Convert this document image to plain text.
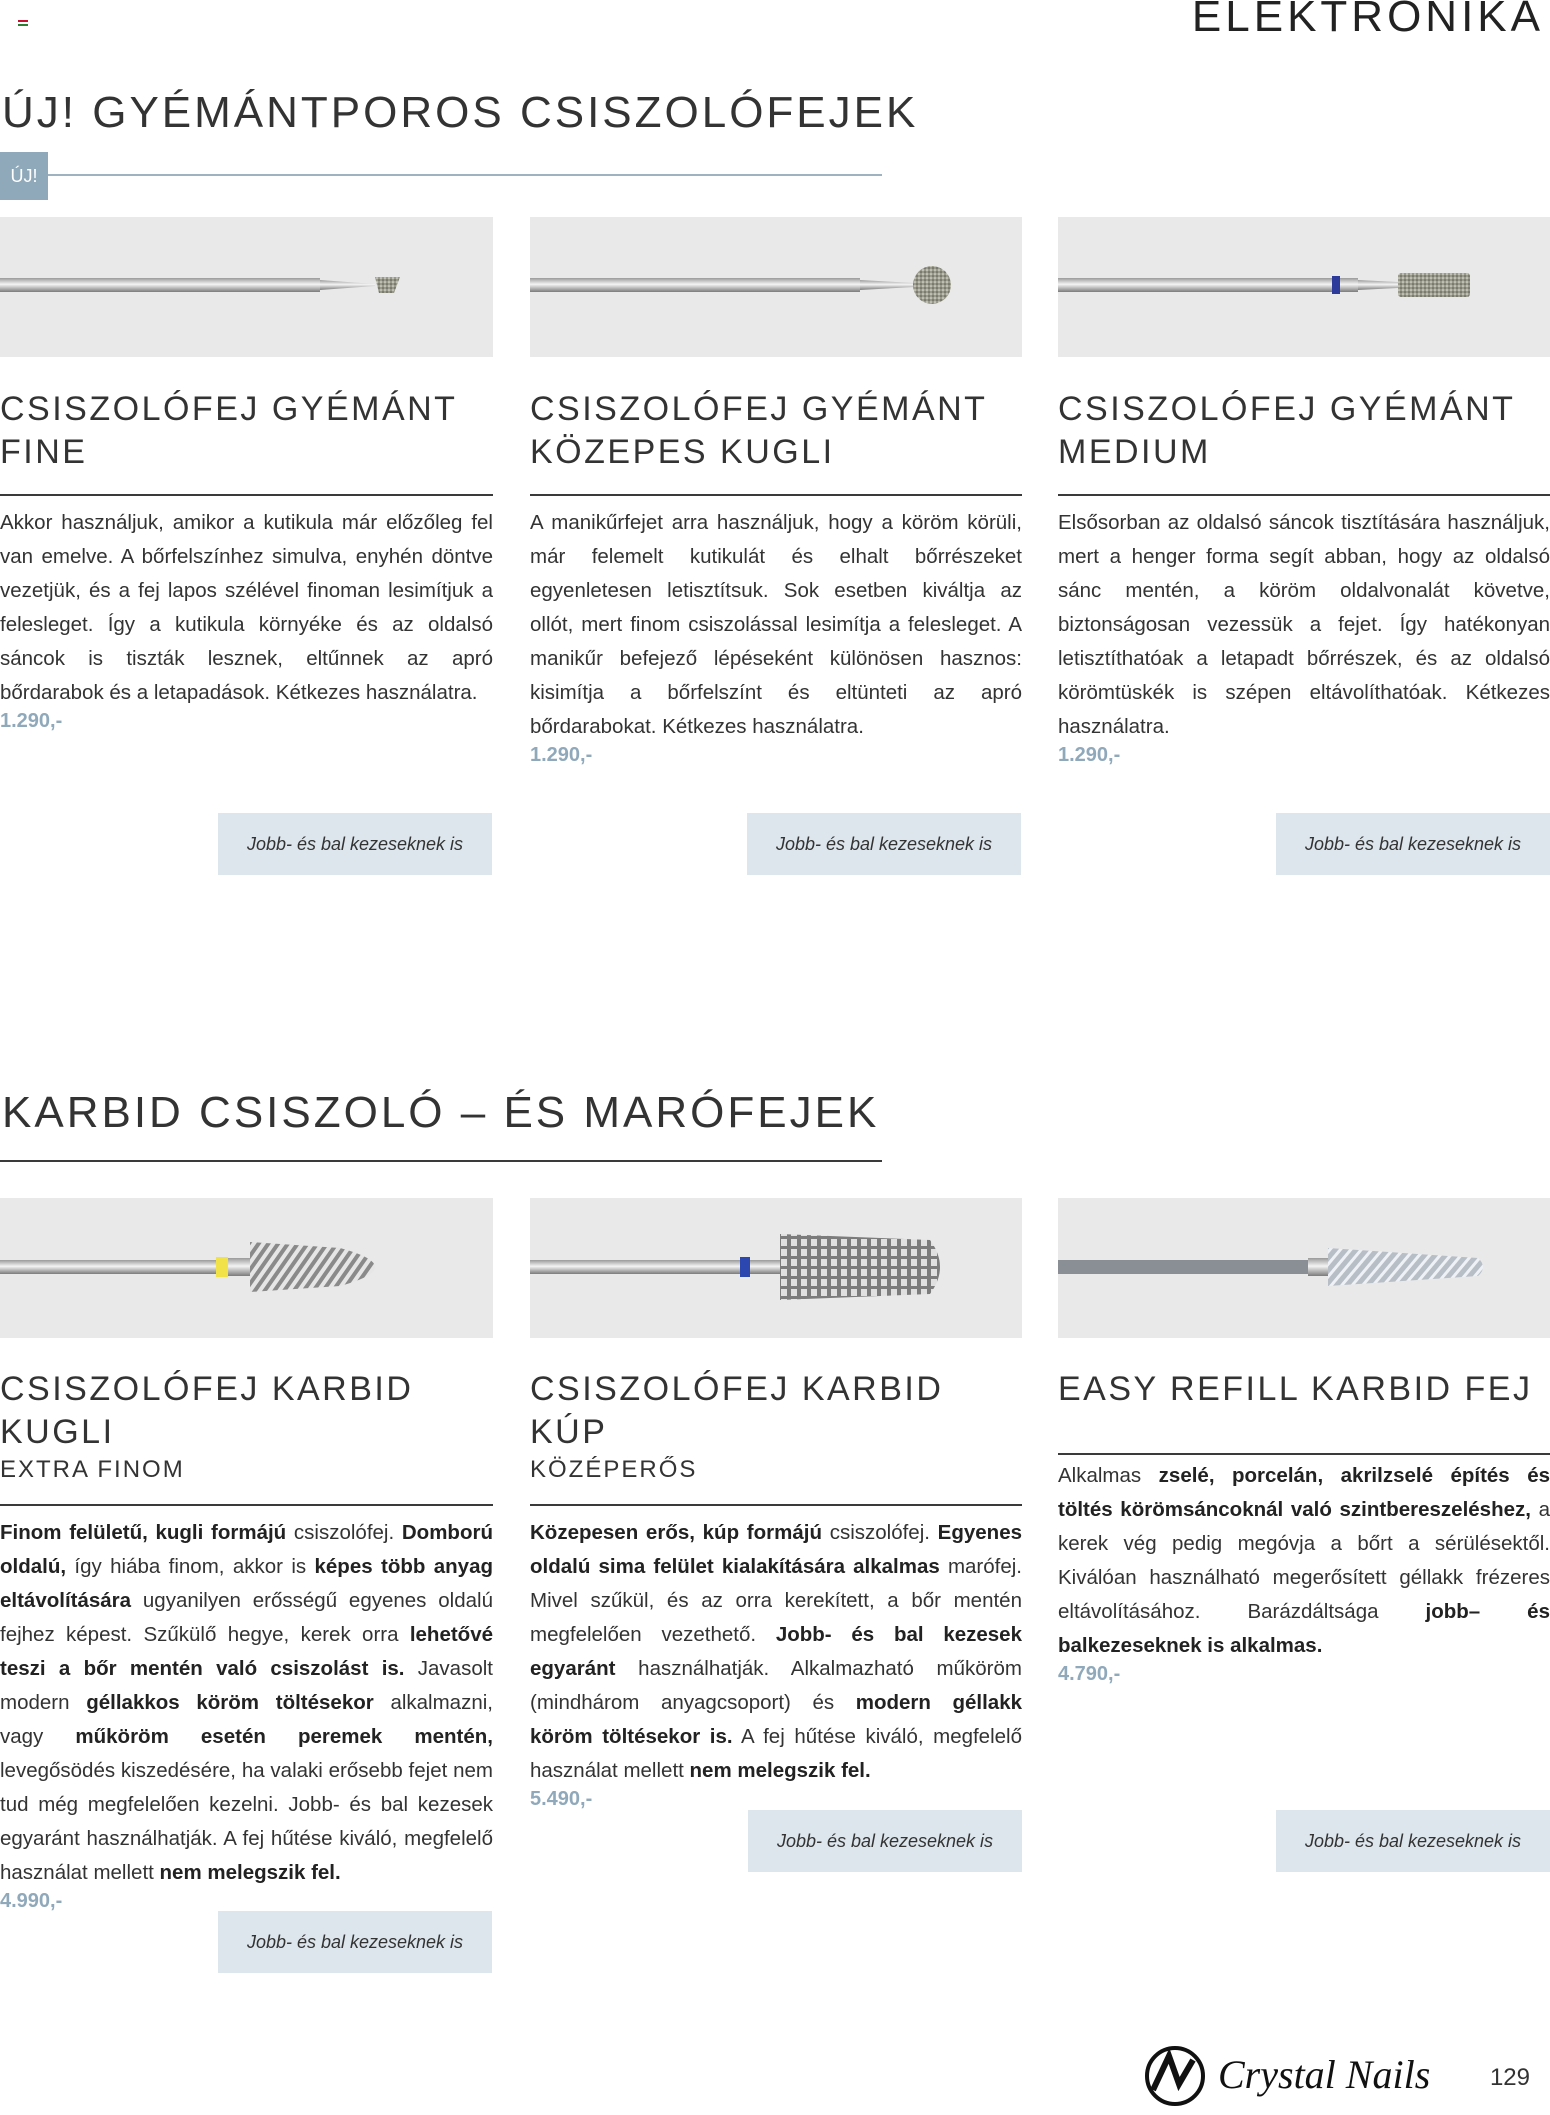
ELEKTRONIKA
ÚJ! GYÉMÁNTPOROS CSISZOLÓFEJEK
ÚJ!
CSISZOLÓFEJ GYÉMÁNT
FINE
Akkor használjuk, amikor a kutikula már előzőleg fel van emelve. A bőrfelszínhez simulva, enyhén döntve vezetjük, és a fej lapos szélével finoman lesimítjuk a felesleget. Így a kutikula környéke és az oldalsó sáncok is tiszták lesznek, eltűnnek az apró bőrdarabok és a letapadások. Kétkezes használatra.
1.290,-
CSISZOLÓFEJ GYÉMÁNT
KÖZEPES KUGLI
A manikűrfejet arra használjuk, hogy a köröm körüli, már felemelt kutikulát és elhalt bőrrészeket egyenletesen letisztítsuk. Sok esetben kiváltja az ollót, mert finom csiszolással lesimítja a felesleget. A manikűr befejező lépéseként különösen hasznos: kisimítja a bőrfelszínt és eltünteti az apró bőrdarabokat. Kétkezes használatra.
1.290,-
CSISZOLÓFEJ GYÉMÁNT
MEDIUM
Elsősorban az oldalsó sáncok tisztítására használjuk, mert a henger forma segít abban, hogy az oldalsó sánc mentén, a köröm oldalvonalát követve, biztonságosan vezessük a fejet. Így hatékonyan letisztíthatóak a letapadt bőrrészek, és az oldalsó körömtüskék is szépen eltávolíthatóak. Kétkezes használatra.
1.290,-
Jobb- és bal kezeseknek is	Jobb- és bal kezeseknek is	Jobb- és bal kezeseknek is
KARBID CSISZOLÓ – ÉS MARÓFEJEK
CSISZOLÓFEJ KARBID KUGLI
EXTRA FINOM
Finom felületű, kugli formájú csiszolófej. Domború oldalú, így hiába finom, akkor is képes több anyag eltávolítására ugyanilyen erősségű egyenes oldalú fejhez képest. Szűkülő hegye, kerek orra lehetővé teszi a bőr mentén való csiszolást is. Javasolt modern géllakkos köröm töltésekor alkalmazni, vagy műköröm esetén peremek mentén, levegősödés kiszedésére, ha valaki erősebb fejet nem tud még megfelelően kezelni. Jobb- és bal kezesek egyaránt használhatják. A fej hűtése kiváló, megfelelő használat mellett nem melegszik fel.
4.990,-
CSISZOLÓFEJ KARBID KÚP
KÖZÉPERŐS
Közepesen erős, kúp formájú csiszolófej. Egyenes oldalú sima felület kialakítására alkalmas marófej. Mivel szűkül, és az orra kerekített, a bőr mentén megfelelően vezethető. Jobb- és bal kezesek egyaránt használhatják. Alkalmazható műköröm (mindhárom anyagcsoport) és modern géllakk köröm töltésekor is. A fej hűtése kiváló, megfelelő használat mellett nem melegszik fel.
5.490,-
EASY REFILL KARBID FEJ
Alkalmas zselé, porcelán, akrilzselé építés és töltés körömsáncoknál való szintbereszeléshez, a kerek vég pedig megóvja a bőrt a sérülésektől. Kiválóan használható megerősített géllakk frézeres eltávolításához. Barázdáltsága jobb– és balkezeseknek is alkalmas.
4.790,-
Jobb- és bal kezeseknek is
Jobb- és bal kezeseknek is	Jobb- és bal kezeseknek is
Crystal Nails 129
